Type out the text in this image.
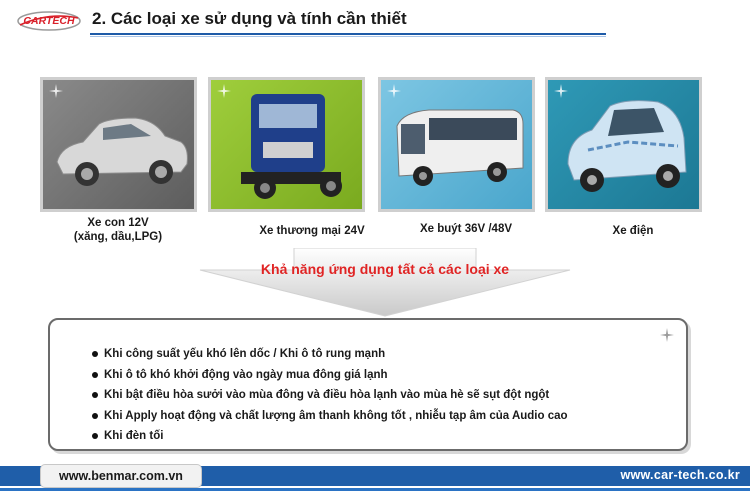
CARTECH	2. Các loại xe sử dụng và tính cần thiết
Xe con 12V
(xăng, dầu,LPG)	Xe thương mại 24V	Xe buýt 36V /48V	Xe điện
Khả năng ứng dụng tất cả các loại xe
Khi công suất yếu khó lên dốc / Khi ô tô rung mạnh
Khi ô tô khó khởi động vào ngày mua đông giá lạnh
Khi bật điều hòa sưởi vào mùa đông và điều hòa lạnh vào mùa hè sẽ sụt đột ngột
Khi Apply hoạt động và chất lượng âm thanh không tốt , nhiễu tạp âm của Audio cao
Khi đèn tối
www.benmar.com.vn	www.car-tech.co.kr
